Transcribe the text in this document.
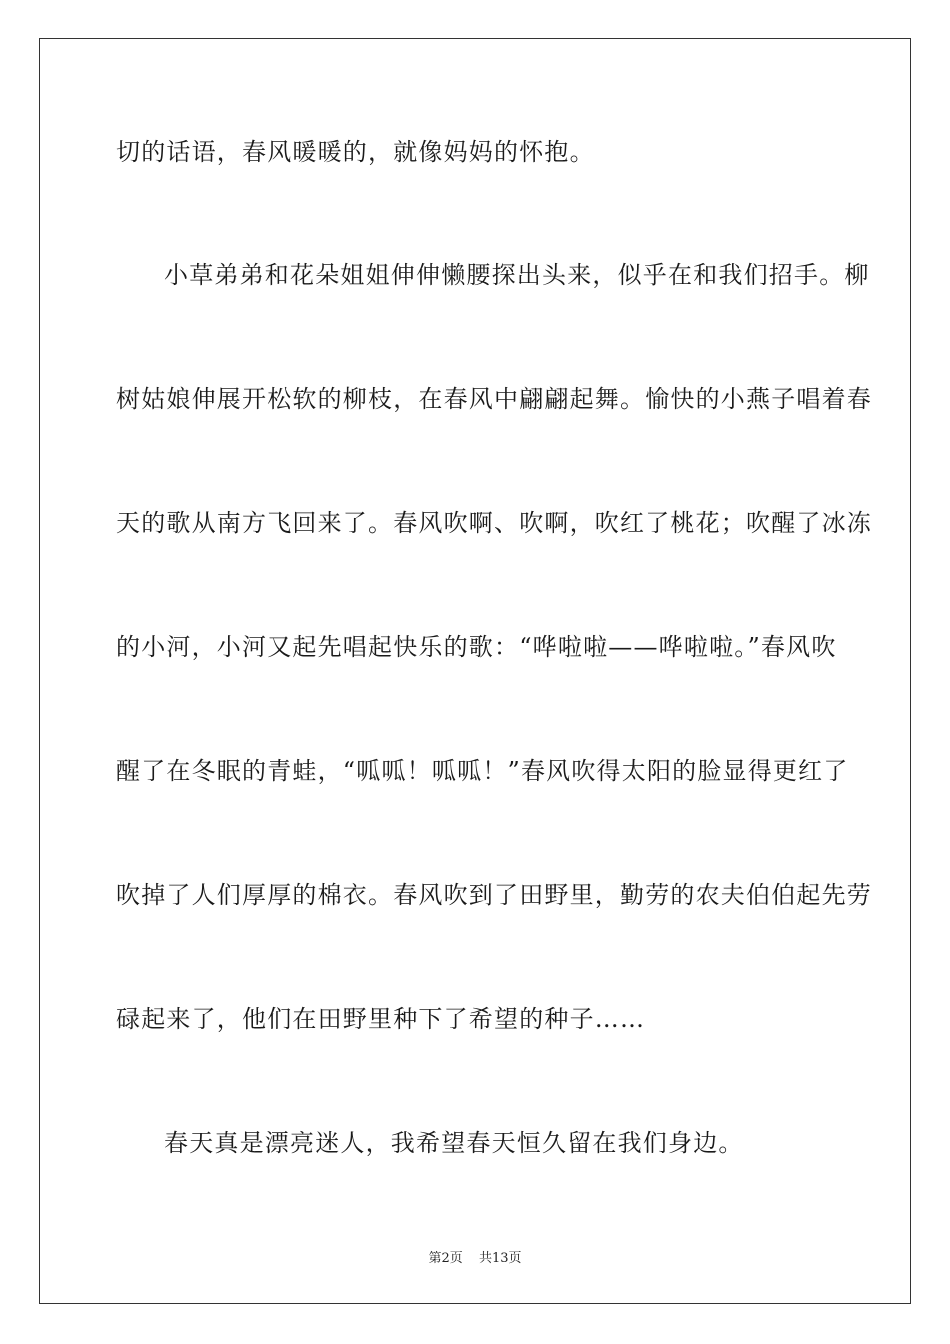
切的话语，春风暖暖的，就像妈妈的怀抱。
小草弟弟和花朵姐姐伸伸懒腰探出头来，似乎在和我们招手。柳
树姑娘伸展开松软的柳枝，在春风中翩翩起舞。愉快的小燕子唱着春
天的歌从南方飞回来了。春风吹啊、吹啊，吹红了桃花；吹醒了冰冻
的小河，小河又起先唱起快乐的歌：“哗啦啦——哗啦啦。”春风吹
醒了在冬眠的青蛙，“呱呱！呱呱！”春风吹得太阳的脸显得更红了
吹掉了人们厚厚的棉衣。春风吹到了田野里，勤劳的农夫伯伯起先劳
碌起来了，他们在田野里种下了希望的种子……
春天真是漂亮迷人，我希望春天恒久留在我们身边。
第2页 共13页
